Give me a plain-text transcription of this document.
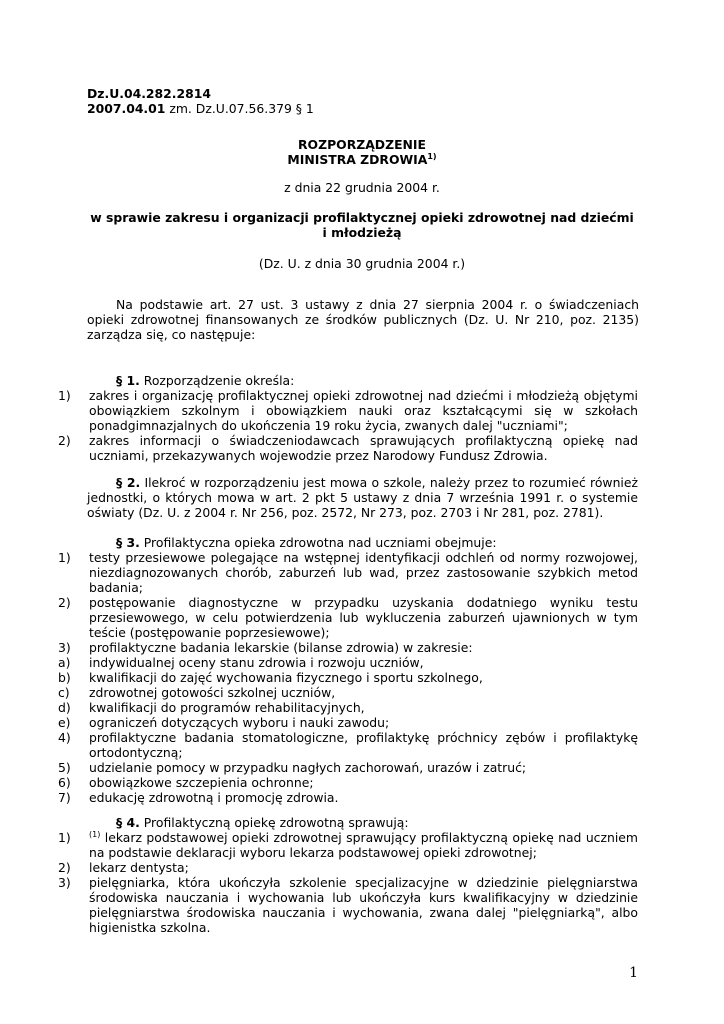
Dz.U.04.282.2814
2007.04.01 zm. Dz.U.07.56.379 § 1
ROZPORZĄDZENIE
MINISTRA ZDROWIA$^{1)}$
z dnia 22 grudnia 2004 r.
w sprawie zakresu i organizacji profilaktycznej opieki zdrowotnej nad dziećmi i młodzieżą
(Dz. U. z dnia 30 grudnia 2004 r.)
Na podstawie art. 27 ust. 3 ustawy z dnia 27 sierpnia 2004 r. o świadczeniach opieki zdrowotnej finansowanych ze środków publicznych (Dz. U. Nr 210, poz. 2135) zarządza się, co następuje:
§ 1. Rozporządzenie określa:
1) zakres i organizację profilaktycznej opieki zdrowotnej nad dziećmi i młodzieżą objętymi obowiązkiem szkolnym i obowiązkiem nauki oraz kształcącymi się w szkołach ponadgimnazjalnych do ukończenia 19 roku życia, zwanych dalej "uczniami";
2) zakres informacji o świadczeniodawcach sprawujących profilaktyczną opiekę nad uczniami, przekazywanych wojewodzie przez Narodowy Fundusz Zdrowia.
§ 2. Ilekroć w rozporządzeniu jest mowa o szkole, należy przez to rozumieć również jednostki, o których mowa w art. 2 pkt 5 ustawy z dnia 7 września 1991 r. o systemie oświaty (Dz. U. z 2004 r. Nr 256, poz. 2572, Nr 273, poz. 2703 i Nr 281, poz. 2781).
§ 3. Profilaktyczna opieka zdrowotna nad uczniami obejmuje:
1) testy przesiewowe polegające na wstępnej identyfikacji odchleń od normy rozwojowej, niezdiagnozowanych chorób, zaburzeń lub wad, przez zastosowanie szybkich metod badania;
2) postępowanie diagnostyczne w przypadku uzyskania dodatniego wyniku testu przesiewowego, w celu potwierdzenia lub wykluczenia zaburzeń ujawnionych w tym teście (postępowanie poprzesiewowe);
3) profilaktyczne badania lekarskie (bilanse zdrowia) w zakresie:
a) indywidualnej oceny stanu zdrowia i rozwoju uczniów,
b) kwalifikacji do zajęć wychowania fizycznego i sportu szkolnego,
c) zdrowotnej gotowości szkolnej uczniów,
d) kwalifikacji do programów rehabilitacyjnych,
e) ograniczeń dotyczących wyboru i nauki zawodu;
4) profilaktyczne badania stomatologiczne, profilaktykę próchnicy zębów i profilaktykę ortodontyczną;
5) udzielanie pomocy w przypadku nagłych zachorowań, urazów i zatruć;
6) obowiązkowe szczepienia ochronne;
7) edukację zdrowotną i promocję zdrowia.
§ 4. Profilaktyczną opiekę zdrowotną sprawują:
1) $^{(1)}$ lekarz podstawowej opieki zdrowotnej sprawujący profilaktyczną opiekę nad uczniem na podstawie deklaracji wyboru lekarza podstawowej opieki zdrowotnej;
2) lekarz dentysta;
3) pielęgniarka, która ukończyła szkolenie specjalizacyjne w dziedzinie pielęgniarstwa środowiska nauczania i wychowania lub ukończyła kurs kwalifikacyjny w dziedzinie pielęgniarstwa środowiska nauczania i wychowania, zwana dalej "pielęgniarką", albo higienistka szkolna.
1
